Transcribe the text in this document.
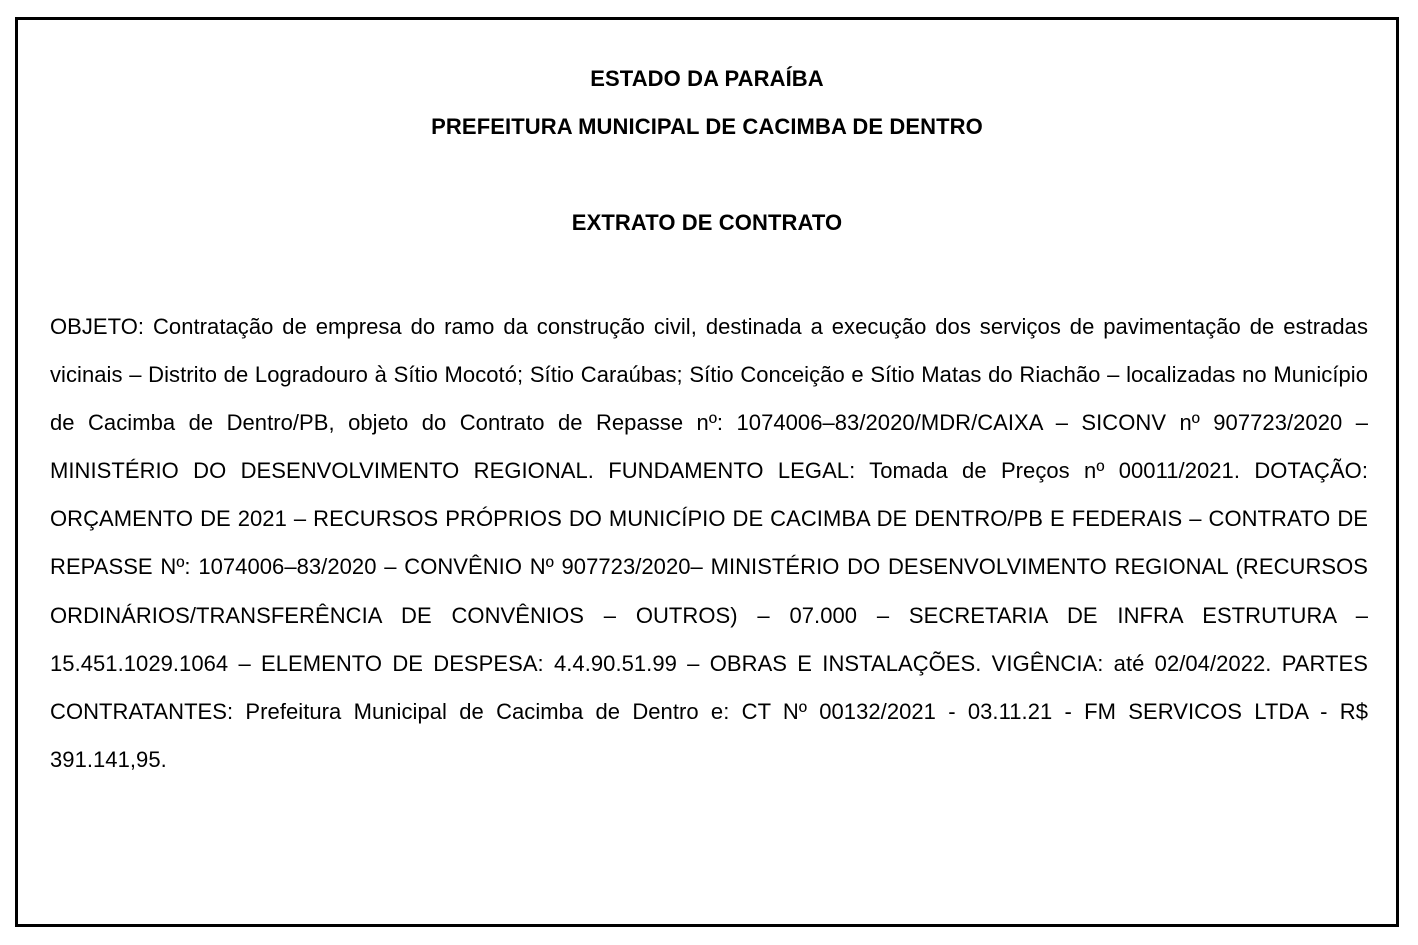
ESTADO DA PARAÍBA
PREFEITURA MUNICIPAL DE CACIMBA DE DENTRO
EXTRATO DE CONTRATO
OBJETO: Contratação de empresa do ramo da construção civil, destinada a execução dos serviços de pavimentação de estradas vicinais – Distrito de Logradouro à Sítio Mocotó; Sítio Caraúbas; Sítio Conceição e Sítio Matas do Riachão – localizadas no Município de Cacimba de Dentro/PB, objeto do Contrato de Repasse nº: 1074006–83/2020/MDR/CAIXA – SICONV nº 907723/2020 – MINISTÉRIO DO DESENVOLVIMENTO REGIONAL. FUNDAMENTO LEGAL: Tomada de Preços nº 00011/2021. DOTAÇÃO: ORÇAMENTO DE 2021 – RECURSOS PRÓPRIOS DO MUNICÍPIO DE CACIMBA DE DENTRO/PB E FEDERAIS – CONTRATO DE REPASSE Nº: 1074006–83/2020 – CONVÊNIO Nº 907723/2020– MINISTÉRIO DO DESENVOLVIMENTO REGIONAL (RECURSOS ORDINÁRIOS/TRANSFERÊNCIA DE CONVÊNIOS – OUTROS) – 07.000 – SECRETARIA DE INFRA ESTRUTURA – 15.451.1029.1064 – ELEMENTO DE DESPESA: 4.4.90.51.99 – OBRAS E INSTALAÇÕES. VIGÊNCIA: até 02/04/2022. PARTES CONTRATANTES: Prefeitura Municipal de Cacimba de Dentro e: CT Nº 00132/2021 - 03.11.21 - FM SERVICOS LTDA - R$ 391.141,95.
